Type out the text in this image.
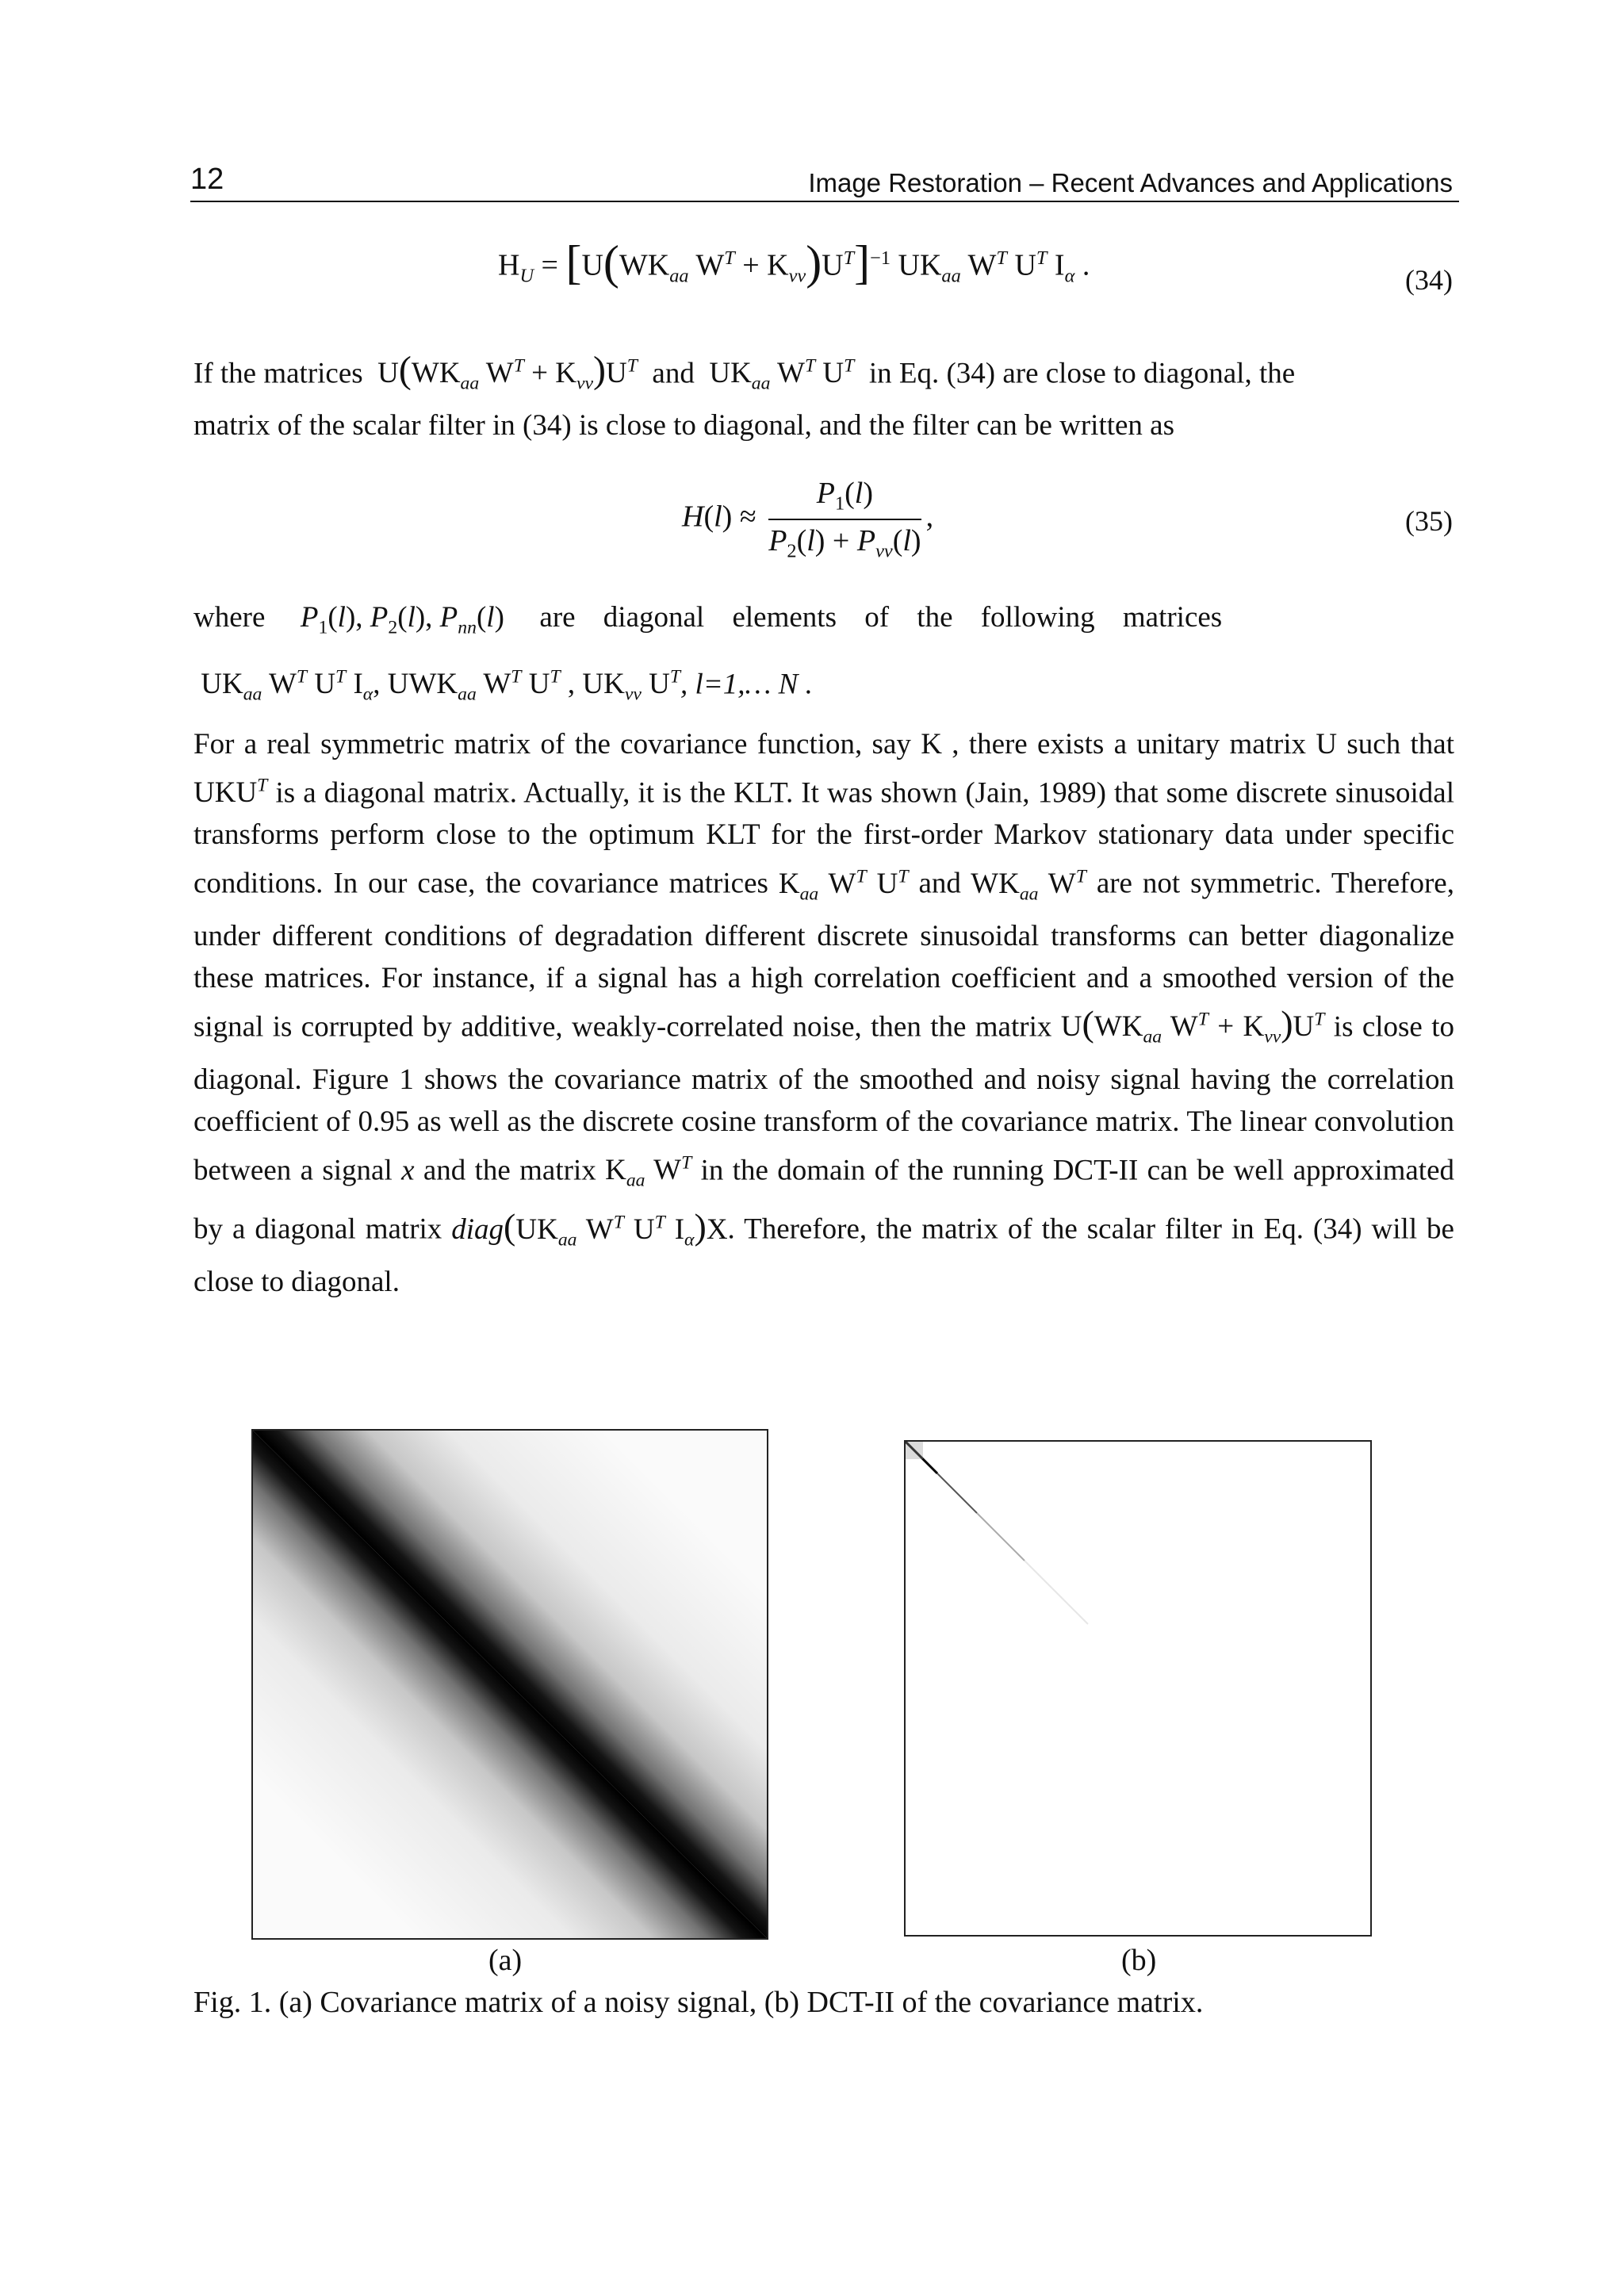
12	Image Restoration – Recent Advances and Applications
$H_U = [U(WK_{aa}$ $W^T + K_{\nu\nu})U^T]^{-1}$ $UK_{aa}$ $W^T$ $U^T$ $I_\alpha$ .	(34)
If the matrices  $U(WK_{aa}$ $W^T + K_{\nu\nu})U^T$ and  $UK_{aa}$ $W^T$ $U^T$ in Eq. (34) are close to diagonal, the
matrix of the scalar filter in (34) is close to diagonal, and the filter can be written as
$H(l) \approx \frac{P_1(l)}{P_2(l) + P_{\nu\nu}(l)}$ ,	(35)
where $P_1(l)$, $P_2(l)$, $P_{nn}(l)$  are diagonal elements of the following matrices
$UK_{aa}$ $W^T$ $U^T$ $I_\alpha$, $UWK_{aa}$ $W^T$ $U^T$ , $UK_{\nu\nu}$ $U^T$, l=1,… N .
For a real symmetric matrix of the covariance function, say K , there exists a unitary matrix U such that $UKU^T$ is a diagonal matrix. Actually, it is the KLT. It was shown (Jain, 1989) that some discrete sinusoidal transforms perform close to the optimum KLT for the first-order Markov stationary data under specific conditions. In our case, the covariance matrices $K_{aa}$ $W^T$ $U^T$ and $WK_{aa}$ $W^T$ are not symmetric. Therefore, under different conditions of degradation different discrete sinusoidal transforms can better diagonalize these matrices. For instance, if a signal has a high correlation coefficient and a smoothed version of the signal is corrupted by additive, weakly-correlated noise, then the matrix $U(WK_{aa}$ $W^T + K_{\nu\nu})U^T$ is close to diagonal. Figure 1 shows the covariance matrix of the smoothed and noisy signal having the correlation coefficient of 0.95 as well as the discrete cosine transform of the covariance matrix. The linear convolution between a signal x and the matrix $K_{aa}$ $W^T$ in the domain of the running DCT-II can be well approximated by a diagonal matrix $diag(UK_{aa}$ $W^T$ $U^T$ $I_\alpha)X$. Therefore, the matrix of the scalar filter in Eq. (34) will be close to diagonal.
(a)	(b)
Fig. 1. (a) Covariance matrix of a noisy signal, (b) DCT-II of the covariance matrix.
